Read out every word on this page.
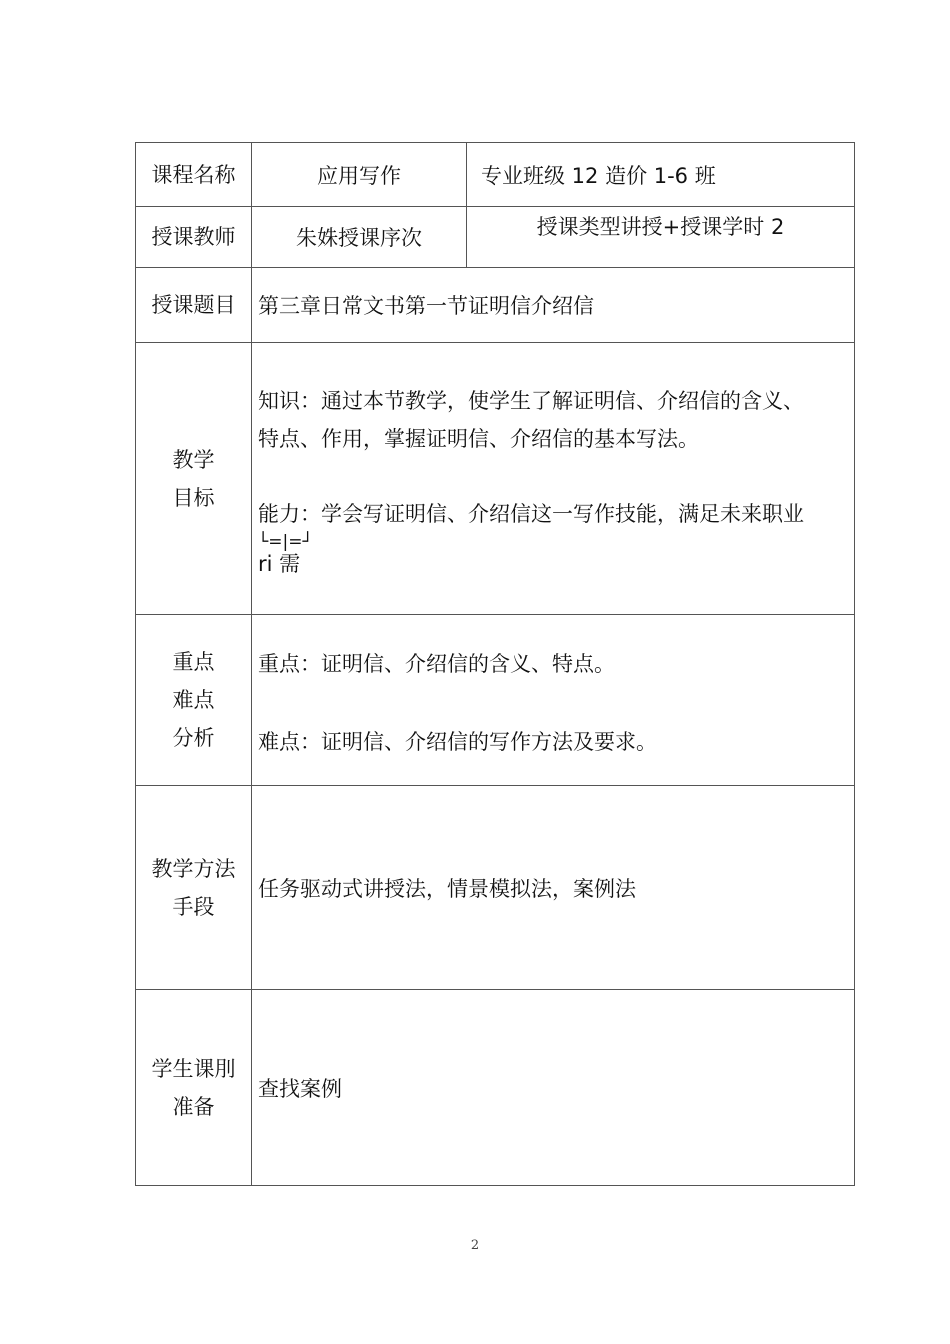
课程名称	应用写作	专业班级 12 造价 1-6 班
授课教师	朱姝授课序次	授课类型讲授+授课学时 2
授课题目	第三章日常文书第一节证明信介绍信	

教学
目标	知识：通过本节教学，使学生了解证明信、介绍信的含义、
特点、作用，掌握证明信、介绍信的基本写法。
能力：学会写证明信、介绍信这一写作技能，满足未来职业
└=|=┘
ri 需	

重点
难点
分析	重点：证明信、介绍信的含义、特点。
难点：证明信、介绍信的写作方法及要求。	

教学方法
手段	任务驱动式讲授法，情景模拟法，案例法	

学生课刖
准备	查找案例	
2
